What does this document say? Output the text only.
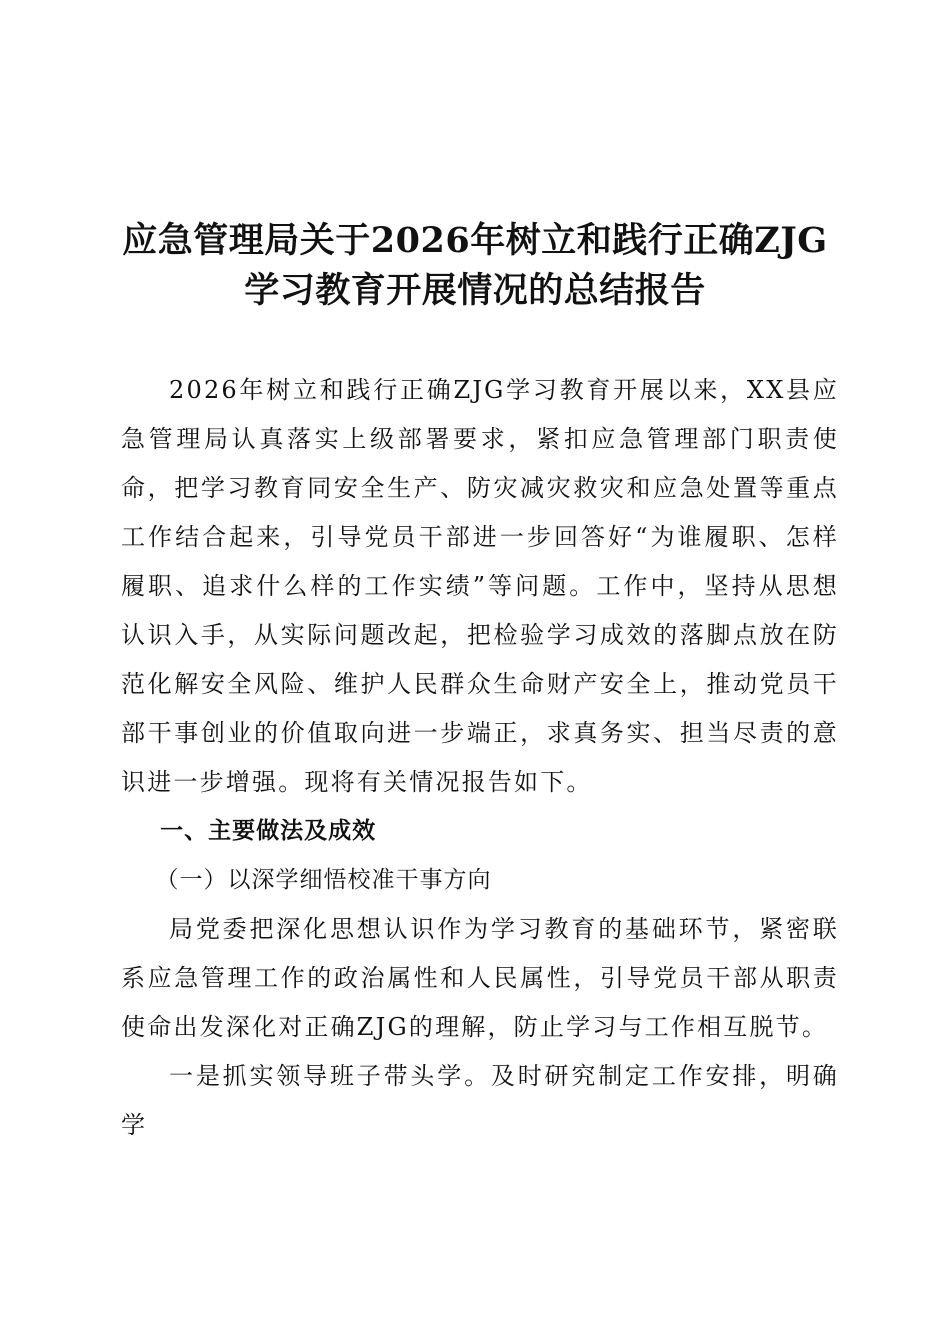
应急管理局关于2026年树立和践行正确ZJG
学习教育开展情况的总结报告

2026年树立和践行正确ZJG学习教育开展以来，XX县应急管理局认真落实上级部署要求，紧扣应急管理部门职责使命，把学习教育同安全生产、防灾减灾救灾和应急处置等重点工作结合起来，引导党员干部进一步回答好“为谁履职、怎样履职、追求什么样的工作实绩”等问题。工作中，坚持从思想认识入手，从实际问题改起，把检验学习成效的落脚点放在防范化解安全风险、维护人民群众生命财产安全上，推动党员干部干事创业的价值取向进一步端正，求真务实、担当尽责的意识进一步增强。现将有关情况报告如下。

一、主要做法及成效

（一）以深学细悟校准干事方向

局党委把深化思想认识作为学习教育的基础环节，紧密联系应急管理工作的政治属性和人民属性，引导党员干部从职责使命出发深化对正确ZJG的理解，防止学习与工作相互脱节。

一是抓实领导班子带头学。及时研究制定工作安排，明确学
